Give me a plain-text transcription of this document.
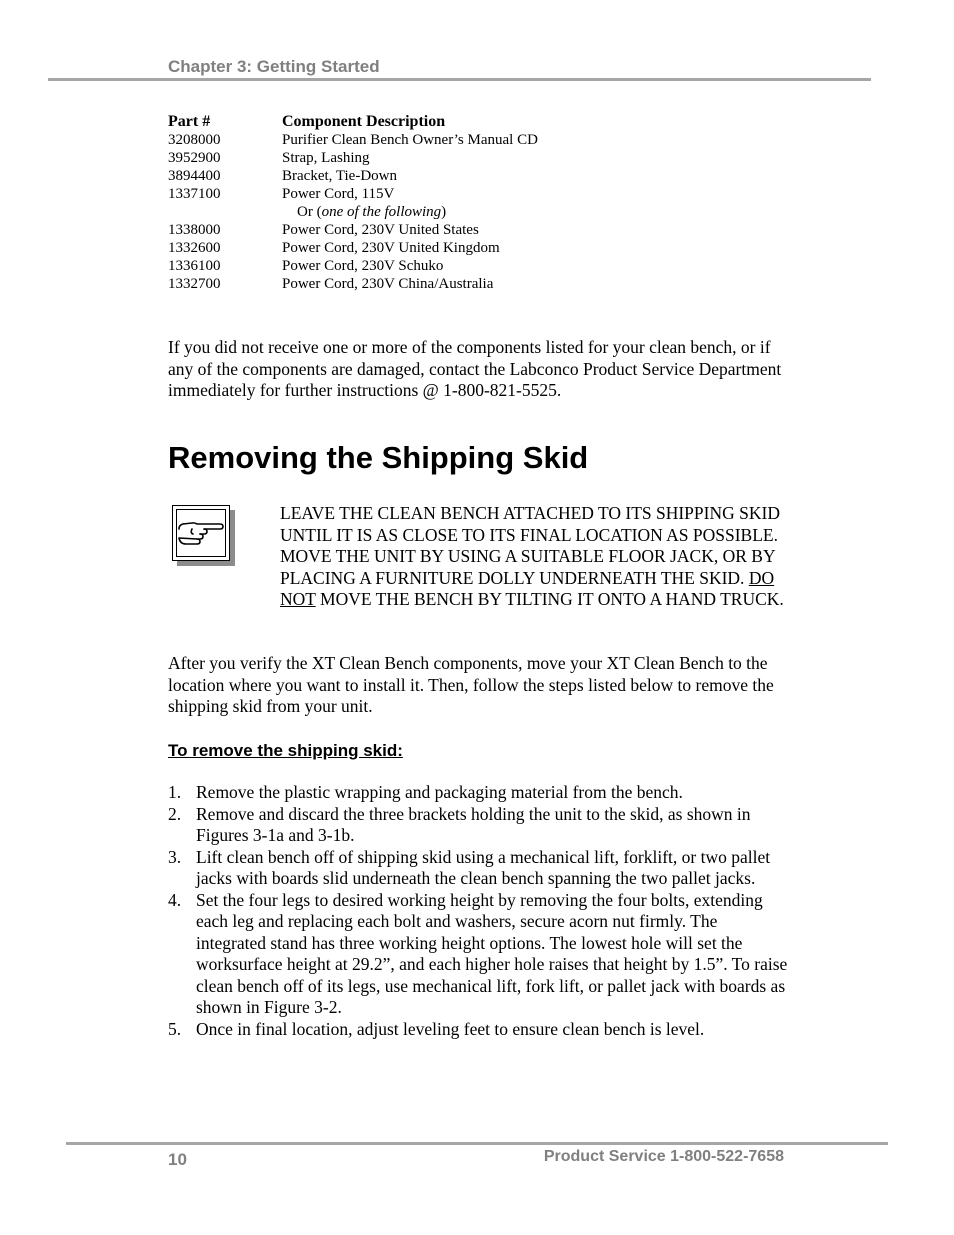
Chapter 3: Getting Started
Part #	Component Description
3208000	Purifier Clean Bench Owner’s Manual CD
3952900	Strap, Lashing
3894400	Bracket, Tie-Down
1337100	Power Cord, 115V
Or (one of the following)
1338000	Power Cord, 230V United States
1332600	Power Cord, 230V United Kingdom
1336100	Power Cord, 230V Schuko
1332700	Power Cord, 230V China/Australia

If you did not receive one or more of the components listed for your clean bench, or if any of the components are damaged, contact the Labconco Product Service Department immediately for further instructions @ 1-800-821-5525.

Removing the Shipping Skid
LEAVE THE CLEAN BENCH ATTACHED TO ITS SHIPPING SKID UNTIL IT IS AS CLOSE TO ITS FINAL LOCATION AS POSSIBLE. MOVE THE UNIT BY USING A SUITABLE FLOOR JACK, OR BY PLACING A FURNITURE DOLLY UNDERNEATH THE SKID. DO NOT MOVE THE BENCH BY TILTING IT ONTO A HAND TRUCK.

After you verify the XT Clean Bench components, move your XT Clean Bench to the location where you want to install it. Then, follow the steps listed below to remove the shipping skid from your unit.

To remove the shipping skid:
1. Remove the plastic wrapping and packaging material from the bench.
2. Remove and discard the three brackets holding the unit to the skid, as shown in Figures 3-1a and 3-1b.
3. Lift clean bench off of shipping skid using a mechanical lift, forklift, or two pallet jacks with boards slid underneath the clean bench spanning the two pallet jacks.
4. Set the four legs to desired working height by removing the four bolts, extending each leg and replacing each bolt and washers, secure acorn nut firmly. The integrated stand has three working height options. The lowest hole will set the worksurface height at 29.2”, and each higher hole raises that height by 1.5”. To raise clean bench off of its legs, use mechanical lift, fork lift, or pallet jack with boards as shown in Figure 3-2.
5. Once in final location, adjust leveling feet to ensure clean bench is level.
10	Product Service 1-800-522-7658
